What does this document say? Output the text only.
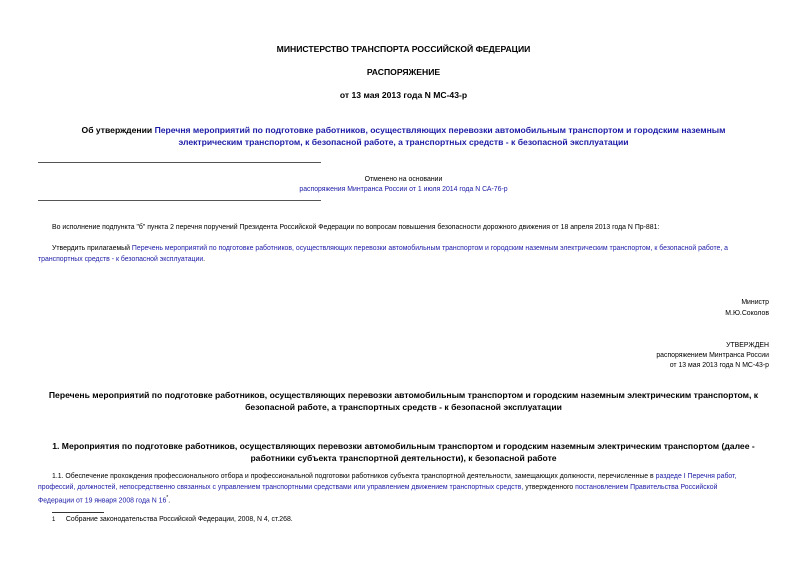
МИНИСТЕРСТВО ТРАНСПОРТА РОССИЙСКОЙ ФЕДЕРАЦИИ
РАСПОРЯЖЕНИЕ
от 13 мая 2013 года N МС-43-р
Об утверждении Перечня мероприятий по подготовке работников, осуществляющих перевозки автомобильным транспортом и городским наземным
электрическим транспортом, к безопасной работе, а транспортных средств - к безопасной эксплуатации
Отменено на основании
распоряжения Минтранса России от 1 июля 2014 года N СА-76-р
Во исполнение подпункта "б" пункта 2 перечня поручений Президента Российской Федерации по вопросам повышения безопасности дорожного движения от 18 апреля 2013 года N Пр-881:
Утвердить прилагаемый Перечень мероприятий по подготовке работников, осуществляющих перевозки автомобильным транспортом и городским наземным электрическим транспортом, к безопасной работе, а
транспортных средств - к безопасной эксплуатации.
Министр
М.Ю.Соколов
УТВЕРЖДЕН
распоряжением Минтранса России
от 13 мая 2013 года N МС-43-р
Перечень мероприятий по подготовке работников, осуществляющих перевозки автомобильным транспортом и городским наземным электрическим транспортом, к
безопасной работе, а транспортных средств - к безопасной эксплуатации
1. Мероприятия по подготовке работников, осуществляющих перевозки автомобильным транспортом и городским наземным электрическим транспортом (далее -
работники субъекта транспортной деятельности), к безопасной работе
1.1. Обеспечение прохождения профессионального отбора и профессиональной подготовки работников субъекта транспортной деятельности, замещающих должности, перечисленные в раздеде I Перечня работ,
профессий, должностей, непосредственно связанных с управлением транспортными средствами или управлением движением транспортных средств, утвержденного постановлением Правительства Российской
Федерации от 19 января 2008 года N 16*.
1 Собрание законодательства Российской Федерации, 2008, N 4, ст.268.
